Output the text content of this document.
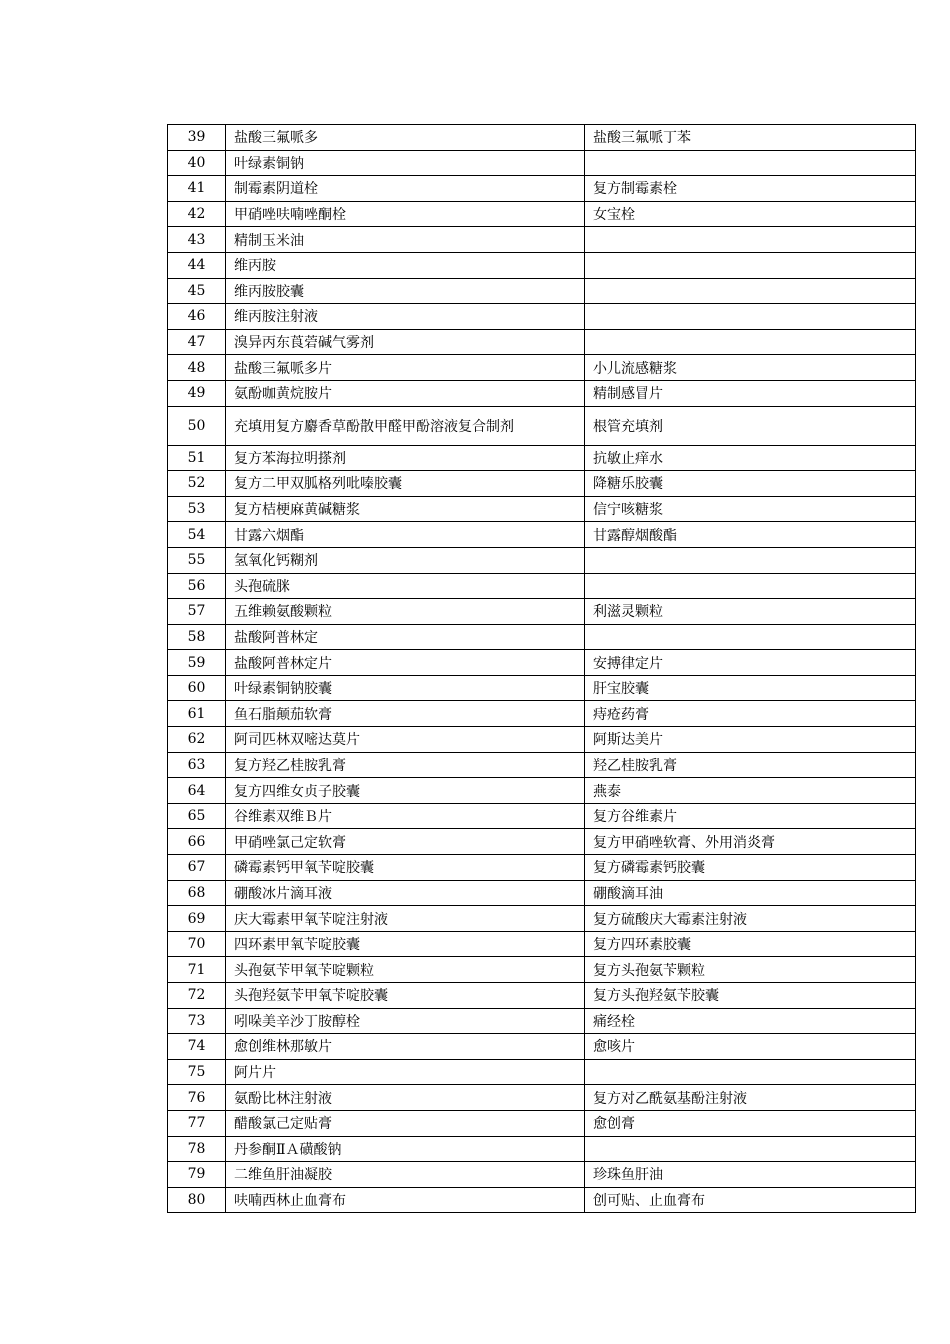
39	盐酸三氟哌多	盐酸三氟哌丁苯
40	叶绿素铜钠	
41	制霉素阴道栓	复方制霉素栓
42	甲硝唑呋喃唑酮栓	女宝栓
43	精制玉米油	
44	维丙胺	
45	维丙胺胶囊	
46	维丙胺注射液	
47	溴异丙东莨菪碱气雾剂	
48	盐酸三氟哌多片	小儿流感糖浆
49	氨酚咖黄烷胺片	精制感冒片
50	充填用复方麝香草酚散甲醛甲酚溶液复合制剂	根管充填剂
51	复方苯海拉明搽剂	抗敏止痒水
52	复方二甲双胍格列吡嗪胶囊	降糖乐胶囊
53	复方桔梗麻黄碱糖浆	信宁咳糖浆
54	甘露六烟酯	甘露醇烟酸酯
55	氢氧化钙糊剂	
56	头孢硫脒	
57	五维赖氨酸颗粒	利滋灵颗粒
58	盐酸阿普林定	
59	盐酸阿普林定片	安搏律定片
60	叶绿素铜钠胶囊	肝宝胶囊
61	鱼石脂颠茄软膏	痔疮药膏
62	阿司匹林双嘧达莫片	阿斯达美片
63	复方羟乙桂胺乳膏	羟乙桂胺乳膏
64	复方四维女贞子胶囊	燕泰
65	谷维素双维Ｂ片	复方谷维素片
66	甲硝唑氯己定软膏	复方甲硝唑软膏、外用消炎膏
67	磷霉素钙甲氧苄啶胶囊	复方磷霉素钙胶囊
68	硼酸冰片滴耳液	硼酸滴耳油
69	庆大霉素甲氧苄啶注射液	复方硫酸庆大霉素注射液
70	四环素甲氧苄啶胶囊	复方四环素胶囊
71	头孢氨苄甲氧苄啶颗粒	复方头孢氨苄颗粒
72	头孢羟氨苄甲氧苄啶胶囊	复方头孢羟氨苄胶囊
73	吲哚美辛沙丁胺醇栓	痛经栓
74	愈创维林那敏片	愈咳片
75	阿片片	
76	氨酚比林注射液	复方对乙酰氨基酚注射液
77	醋酸氯己定贴膏	愈创膏
78	丹参酮ⅡＡ磺酸钠	
79	二维鱼肝油凝胶	珍珠鱼肝油
80	呋喃西林止血膏布	创可贴、止血膏布
